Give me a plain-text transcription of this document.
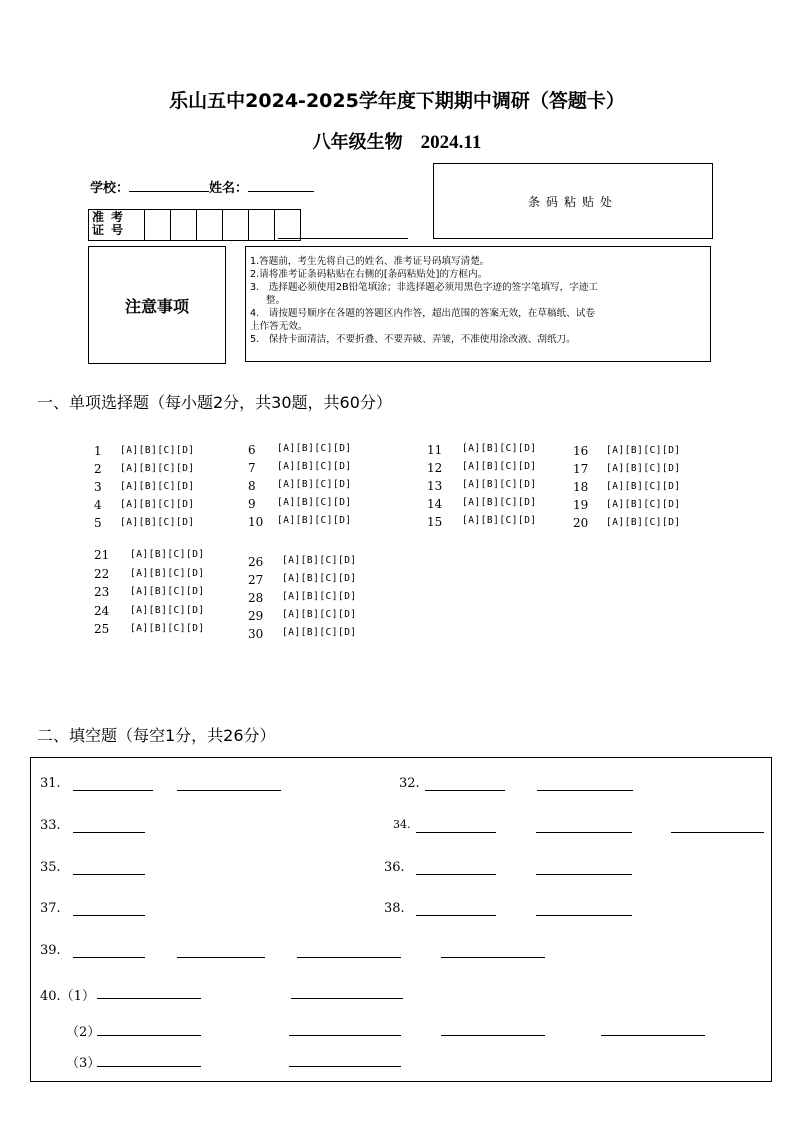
乐山五中2024-2025学年度下期期中调研（答题卡）
八年级生物 2024.11
学校：	姓名：
条码粘贴处
准考
证号
注意事项

1.答题前，考生先将自己的姓名、准考证号码填写清楚。

2.请将准考证条码粘贴在右侧的[条码粘贴处]的方框内。

3.　选择题必须使用2B铅笔填涂；非选择题必须用黑色字迹的签字笔填写，字迹工

整。

4.　请按题号顺序在各题的答题区内作答，超出范围的答案无效，在草稿纸、试卷

上作答无效。

5.　保持卡面清洁，不要折叠、不要弄破、弄皱，不准使用涂改液、刮纸刀。

一、单项选择题（每小题2分，共30题，共60分）
1 [A][B][C][D]
2 [A][B][C][D]
3 [A][B][C][D]
4 [A][B][C][D]
5 [A][B][C][D]
6 [A][B][C][D]
7 [A][B][C][D]
8 [A][B][C][D]
9 [A][B][C][D]
10 [A][B][C][D]
11 [A][B][C][D]
12 [A][B][C][D]
13 [A][B][C][D]
14 [A][B][C][D]
15 [A][B][C][D]
16 [A][B][C][D]
17 [A][B][C][D]
18 [A][B][C][D]
19 [A][B][C][D]
20 [A][B][C][D]
21 [A][B][C][D]
22 [A][B][C][D]
23 [A][B][C][D]
24 [A][B][C][D]
25 [A][B][C][D]
26 [A][B][C][D]
27 [A][B][C][D]
28 [A][B][C][D]
29 [A][B][C][D]
30 [A][B][C][D]
二、填空题（每空1分，共26分）
31.	32.
33.	34.
35.	36.
37.	38.
39.
40.（1）
（2）
（3）
